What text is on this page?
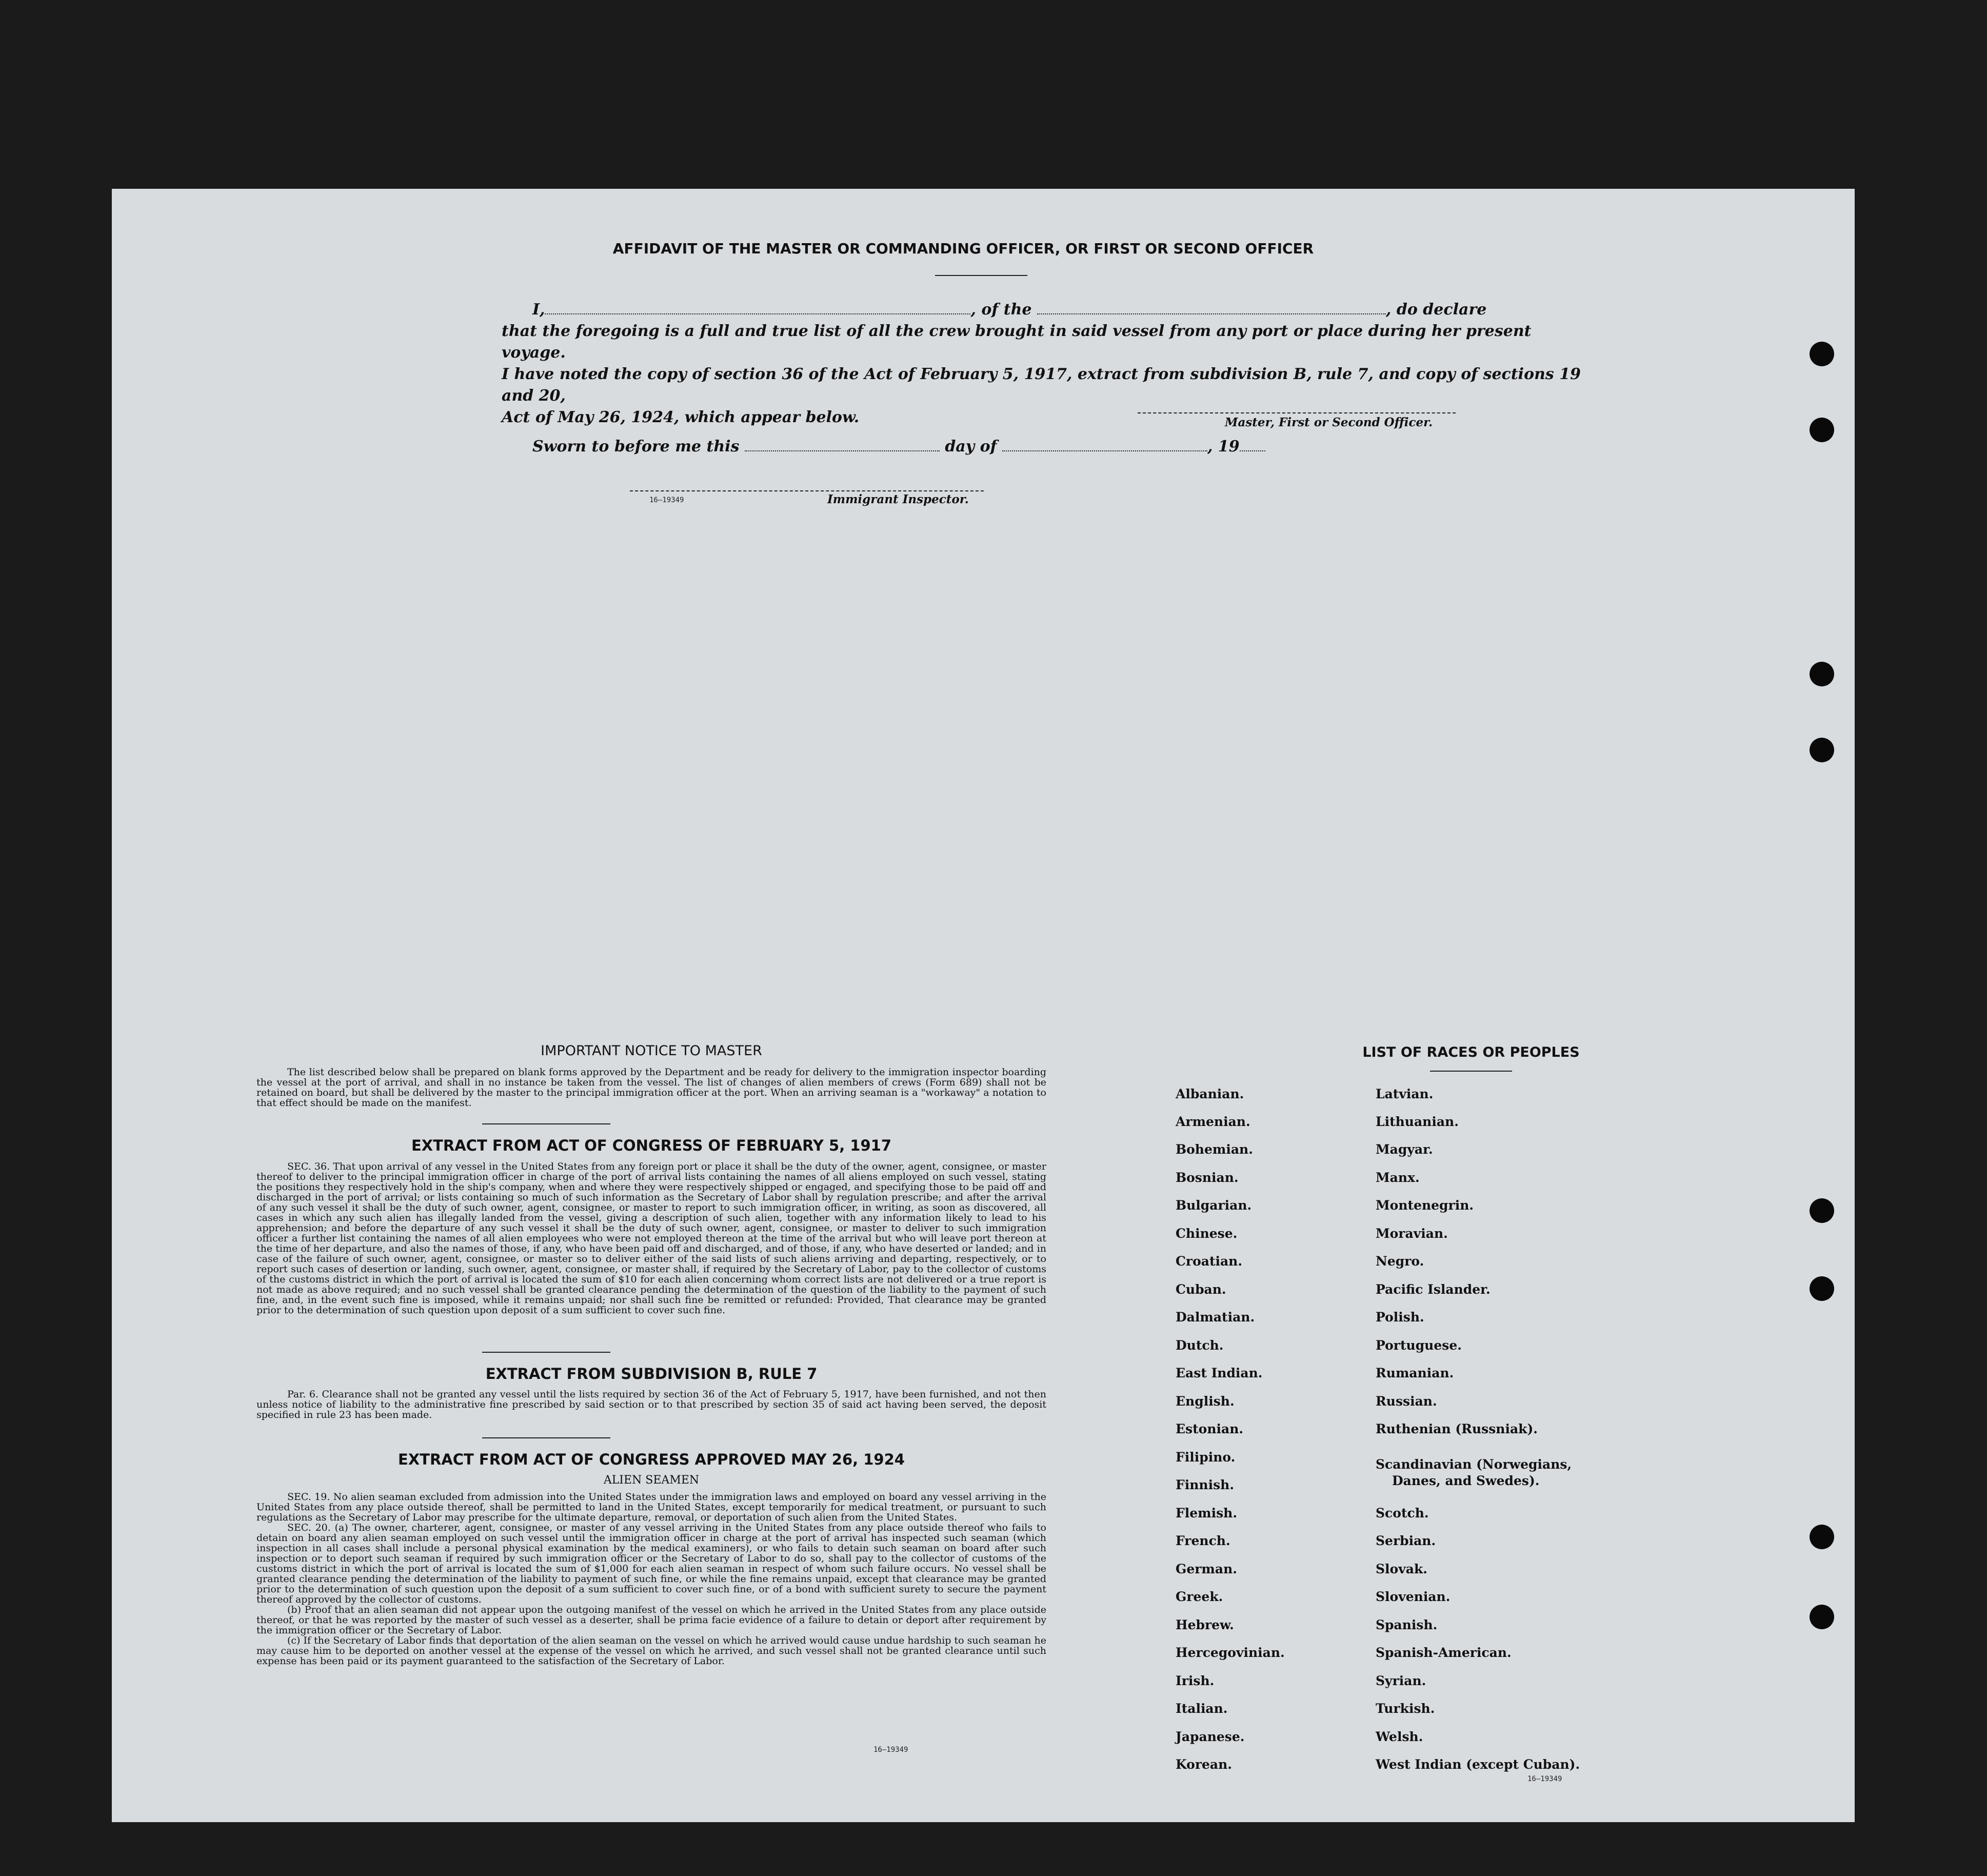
AFFIDAVIT OF THE MASTER OR COMMANDING OFFICER, OR FIRST OR SECOND OFFICER
I,	, of the	, do declare
that the foregoing is a full and true list of all the crew brought in said vessel from any port or place during her present voyage.
I have noted the copy of section 36 of the Act of February 5, 1917, extract from subdivision B, rule 7, and copy of sections 19 and 20,
Act of May 26, 1924, which appear below.	Master, First or Second Officer.
Sworn to before me this	day of	, 19
16—19349	Immigrant Inspector.
IMPORTANT NOTICE TO MASTER
The list described below shall be prepared on blank forms approved by the Department and be ready for delivery to the immigration inspector boarding the vessel at the port of arrival, and shall in no instance be taken from the vessel. The list of changes of alien members of crews (Form 689) shall not be retained on board, but shall be delivered by the master to the principal immigration officer at the port. When an arriving seaman is a "workaway" a notation to that effect should be made on the manifest.
EXTRACT FROM ACT OF CONGRESS OF FEBRUARY 5, 1917
SEC. 36. That upon arrival of any vessel in the United States from any foreign port or place it shall be the duty of the owner, agent, consignee, or master thereof to deliver to the principal immigration officer in charge of the port of arrival lists containing the names of all aliens employed on such vessel, stating the positions they respectively hold in the ship's company, when and where they were respectively shipped or engaged, and specifying those to be paid off and discharged in the port of arrival; or lists containing so much of such information as the Secretary of Labor shall by regulation prescribe; and after the arrival of any such vessel it shall be the duty of such owner, agent, consignee, or master to report to such immigration officer, in writing, as soon as discovered, all cases in which any such alien has illegally landed from the vessel, giving a description of such alien, together with any information likely to lead to his apprehension; and before the departure of any such vessel it shall be the duty of such owner, agent, consignee, or master to deliver to such immigration officer a further list containing the names of all alien employees who were not employed thereon at the time of the arrival but who will leave port thereon at the time of her departure, and also the names of those, if any, who have been paid off and discharged, and of those, if any, who have deserted or landed; and in case of the failure of such owner, agent, consignee, or master so to deliver either of the said lists of such aliens arriving and departing, respectively, or to report such cases of desertion or landing, such owner, agent, consignee, or master shall, if required by the Secretary of Labor, pay to the collector of customs of the customs district in which the port of arrival is located the sum of $10 for each alien concerning whom correct lists are not delivered or a true report is not made as above required; and no such vessel shall be granted clearance pending the determination of the question of the liability to the payment of such fine, and, in the event such fine is imposed, while it remains unpaid; nor shall such fine be remitted or refunded: Provided, That clearance may be granted prior to the determination of such question upon deposit of a sum sufficient to cover such fine.
EXTRACT FROM SUBDIVISION B, RULE 7
Par. 6. Clearance shall not be granted any vessel until the lists required by section 36 of the Act of February 5, 1917, have been furnished, and not then unless notice of liability to the administrative fine prescribed by said section or to that prescribed by section 35 of said act having been served, the deposit specified in rule 23 has been made.
EXTRACT FROM ACT OF CONGRESS APPROVED MAY 26, 1924
ALIEN SEAMEN
SEC. 19. No alien seaman excluded from admission into the United States under the immigration laws and employed on board any vessel arriving in the United States from any place outside thereof, shall be permitted to land in the United States, except temporarily for medical treatment, or pursuant to such regulations as the Secretary of Labor may prescribe for the ultimate departure, removal, or deportation of such alien from the United States.
SEC. 20. (a) The owner, charterer, agent, consignee, or master of any vessel arriving in the United States from any place outside thereof who fails to detain on board any alien seaman employed on such vessel until the immigration officer in charge at the port of arrival has inspected such seaman (which inspection in all cases shall include a personal physical examination by the medical examiners), or who fails to detain such seaman on board after such inspection or to deport such seaman if required by such immigration officer or the Secretary of Labor to do so, shall pay to the collector of customs of the customs district in which the port of arrival is located the sum of $1,000 for each alien seaman in respect of whom such failure occurs. No vessel shall be granted clearance pending the determination of the liability to payment of such fine, or while the fine remains unpaid, except that clearance may be granted prior to the determination of such question upon the deposit of a sum sufficient to cover such fine, or of a bond with sufficient surety to secure the payment thereof approved by the collector of customs.
(b) Proof that an alien seaman did not appear upon the outgoing manifest of the vessel on which he arrived in the United States from any place outside thereof, or that he was reported by the master of such vessel as a deserter, shall be prima facie evidence of a failure to detain or deport after requirement by the immigration officer or the Secretary of Labor.
(c) If the Secretary of Labor finds that deportation of the alien seaman on the vessel on which he arrived would cause undue hardship to such seaman he may cause him to be deported on another vessel at the expense of the vessel on which he arrived, and such vessel shall not be granted clearance until such expense has been paid or its payment guaranteed to the satisfaction of the Secretary of Labor.
16—19349
LIST OF RACES OR PEOPLES
Albanian.
Armenian.
Bohemian.
Bosnian.
Bulgarian.
Chinese.
Croatian.
Cuban.
Dalmatian.
Dutch.
East Indian.
English.
Estonian.
Filipino.
Finnish.
Flemish.
French.
German.
Greek.
Hebrew.
Hercegovinian.
Irish.
Italian.
Japanese.
Korean.
Latvian.
Lithuanian.
Magyar.
Manx.
Montenegrin.
Moravian.
Negro.
Pacific Islander.
Polish.
Portuguese.
Rumanian.
Russian.
Ruthenian (Russniak).
Scandinavian (Norwegians,
Danes, and Swedes).
Scotch.
Serbian.
Slovak.
Slovenian.
Spanish.
Spanish-American.
Syrian.
Turkish.
Welsh.
West Indian (except Cuban).
16—19349
